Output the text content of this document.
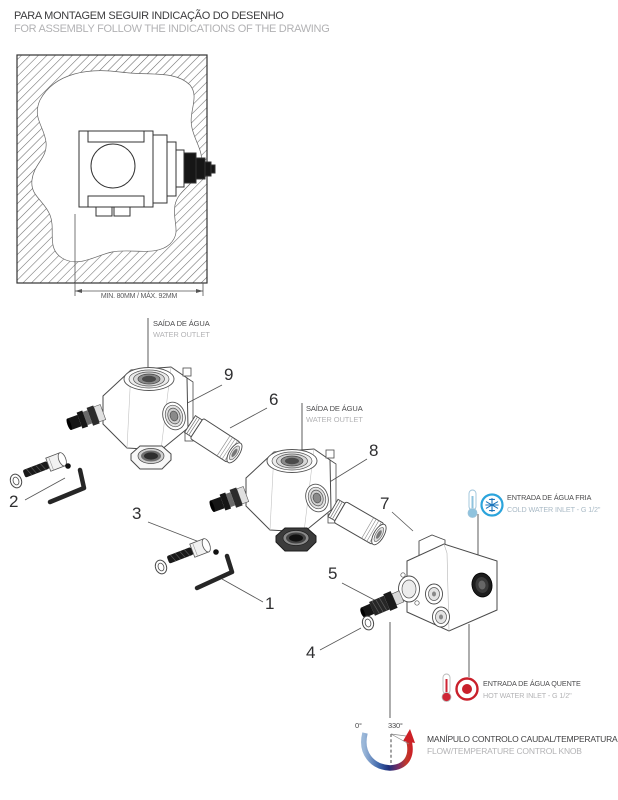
PARA MONTAGEM SEGUIR INDICAÇÃO DO DESENHO
FOR ASSEMBLY FOLLOW THE INDICATIONS OF THE DRAWING
MIN. 80MM / MÁX. 92MM
SAÍDA DE ÁGUA
WATER OUTLET
SAÍDA DE ÁGUA
WATER OUTLET
ENTRADA DE ÁGUA FRIA
COLD WATER INLET - G 1/2"
ENTRADA DE ÁGUA QUENTE
HOT WATER INLET - G 1/2"
MANÍPULO CONTROLO CAUDAL/TEMPERATURA
FLOW/TEMPERATURE CONTROL KNOB
0°	330°
1
2
3
4
5
6
7
8
9
